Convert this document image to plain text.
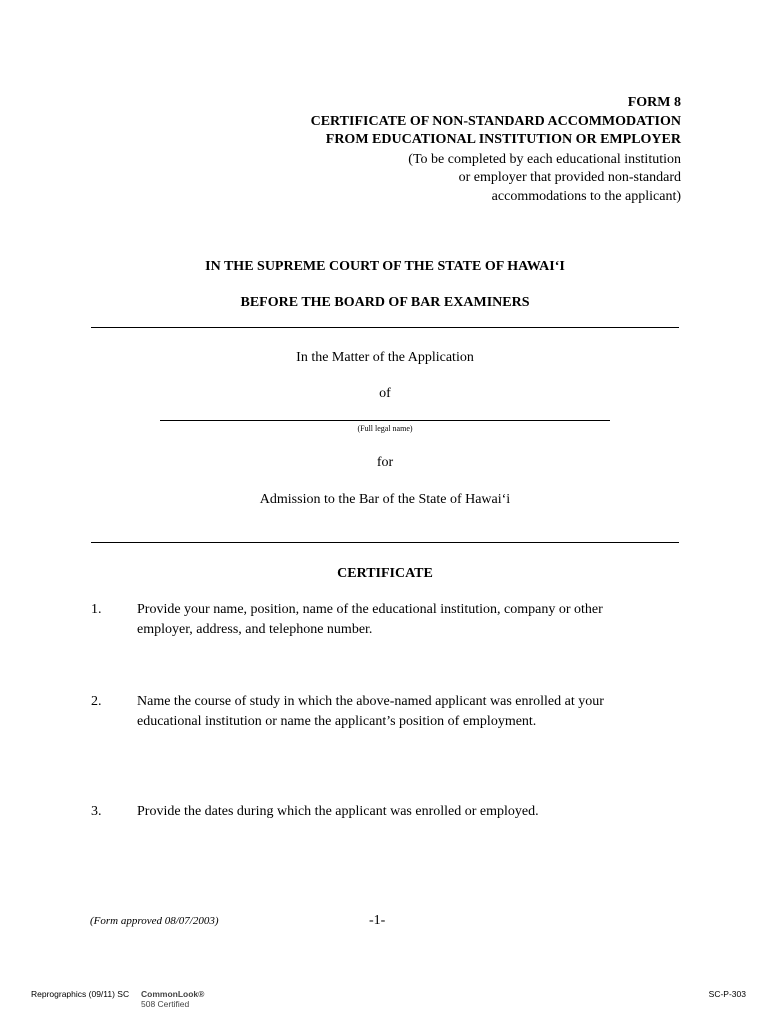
FORM 8
CERTIFICATE OF NON-STANDARD ACCOMMODATION
FROM EDUCATIONAL INSTITUTION OR EMPLOYER
(To be completed by each educational institution
or employer that provided non-standard
accommodations to the applicant)
IN THE SUPREME COURT OF THE STATE OF HAWAIʻI
BEFORE THE BOARD OF BAR EXAMINERS
In the Matter of the Application
of
(Full legal name)
for
Admission to the Bar of the State of Hawaiʻi
CERTIFICATE
1.	Provide your name, position, name of the educational institution, company or other employer, address, and telephone number.
2.	Name the course of study in which the above-named applicant was enrolled at your educational institution or name the applicant’s position of employment.
3.	Provide the dates during which the applicant was enrolled or employed.
(Form approved 08/07/2003)	-1-
Reprographics (09/11) SC CommonLook®
508 Certified
SC-P-303
